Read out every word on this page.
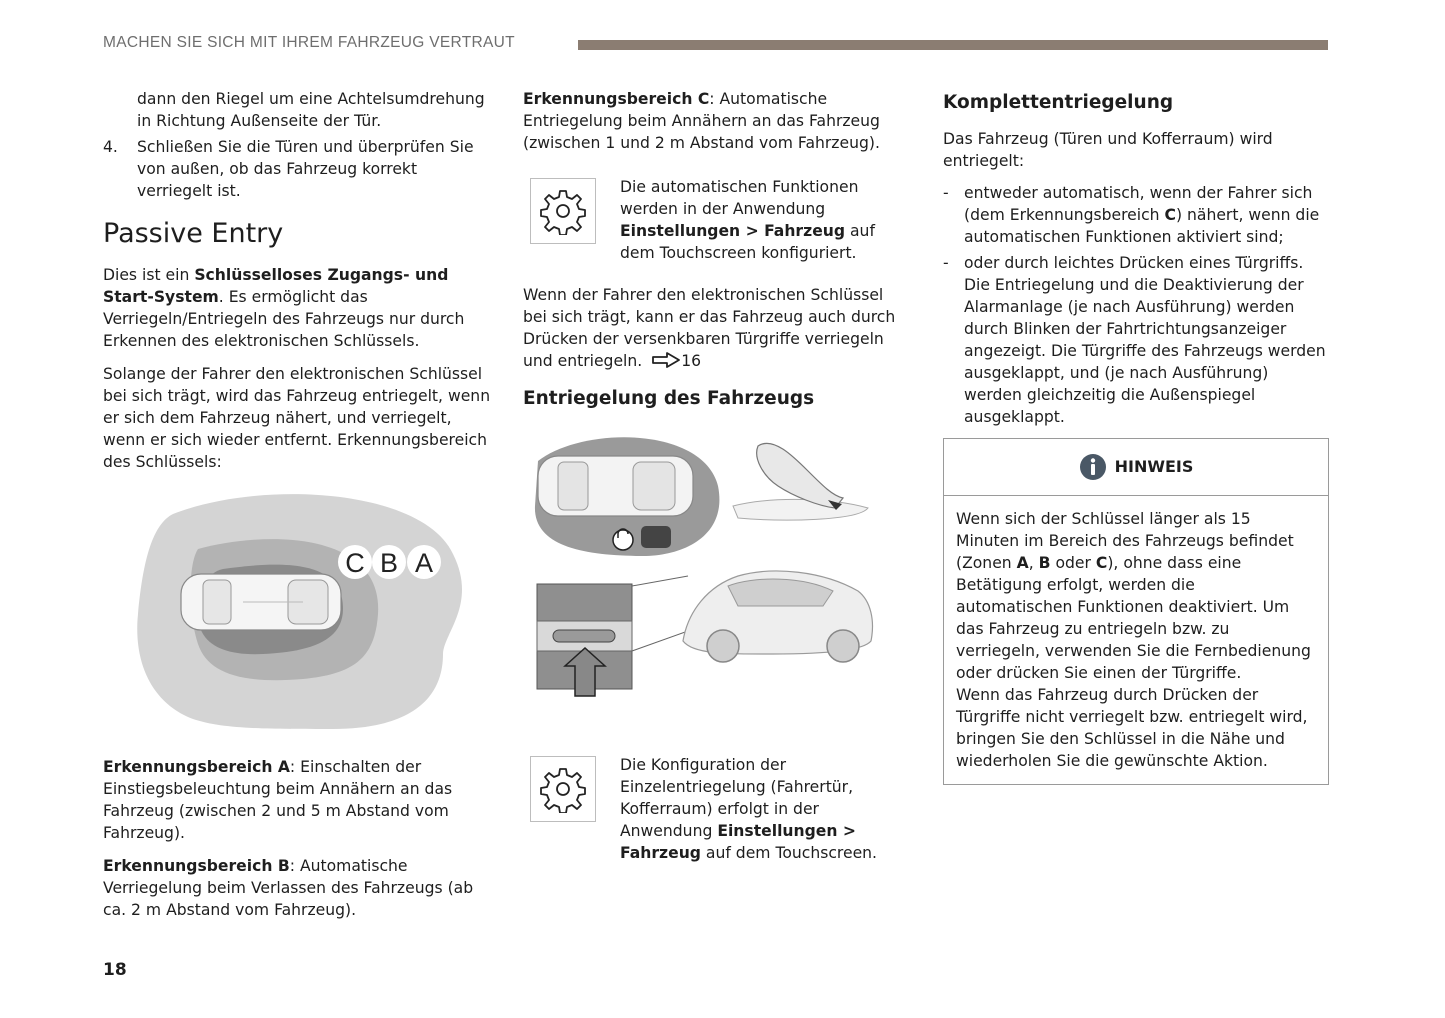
MACHEN SIE SICH MIT IHREM FAHRZEUG VERTRAUT

dann den Riegel um eine Achtelsumdrehung in Richtung Außenseite der Tür.

4.	Schließen Sie die Türen und überprüfen Sie von außen, ob das Fahrzeug korrekt verriegelt ist.
Passive Entry

Dies ist ein Schlüsselloses Zugangs- und Start-System. Es ermöglicht das Verriegeln/Entriegeln des Fahrzeugs nur durch Erkennen des elektronischen Schlüssels.

Solange der Fahrer den elektronischen Schlüssel bei sich trägt, wird das Fahrzeug entriegelt, wenn er sich dem Fahrzeug nähert, und verriegelt, wenn er sich wieder entfernt. Erkennungsbereich des Schlüssels:

C B A

Erkennungsbereich A: Einschalten der Einstiegsbeleuchtung beim Annähern an das Fahrzeug (zwischen 2 und 5 m Abstand vom Fahrzeug).

Erkennungsbereich B: Automatische Verriegelung beim Verlassen des Fahrzeugs (ab ca. 2 m Abstand vom Fahrzeug).

Erkennungsbereich C: Automatische Entriegelung beim Annähern an das Fahrzeug (zwischen 1 und 2 m Abstand vom Fahrzeug).

Die automatischen Funktionen werden in der Anwendung Einstellungen > Fahrzeug auf dem Touchscreen konfiguriert.

Wenn der Fahrer den elektronischen Schlüssel bei sich trägt, kann er das Fahrzeug auch durch Drücken der versenkbaren Türgriffe verriegeln und entriegeln. 16

Entriegelung des Fahrzeugs
Die Konfiguration der Einzelentriegelung (Fahrertür, Kofferraum) erfolgt in der Anwendung Einstellungen > Fahrzeug auf dem Touchscreen.
Komplettentriegelung

Das Fahrzeug (Türen und Kofferraum) wird entriegelt:

- entweder automatisch, wenn der Fahrer sich (dem Erkennungsbereich C) nähert, wenn die automatischen Funktionen aktiviert sind;
- oder durch leichtes Drücken eines Türgriffs. Die Entriegelung und die Deaktivierung der Alarmanlage (je nach Ausführung) werden durch Blinken der Fahrtrichtungsanzeiger angezeigt. Die Türgriffe des Fahrzeugs werden ausgeklappt, und (je nach Ausführung) werden gleichzeitig die Außenspiegel ausgeklappt.
HINWEIS
Wenn sich der Schlüssel länger als 15 Minuten im Bereich des Fahrzeugs befindet (Zonen A, B oder C), ohne dass eine Betätigung erfolgt, werden die automatischen Funktionen deaktiviert. Um das Fahrzeug zu entriegeln bzw. zu verriegeln, verwenden Sie die Fernbedienung oder drücken Sie einen der Türgriffe.
Wenn das Fahrzeug durch Drücken der Türgriffe nicht verriegelt bzw. entriegelt wird, bringen Sie den Schlüssel in die Nähe und wiederholen Sie die gewünschte Aktion.
18
